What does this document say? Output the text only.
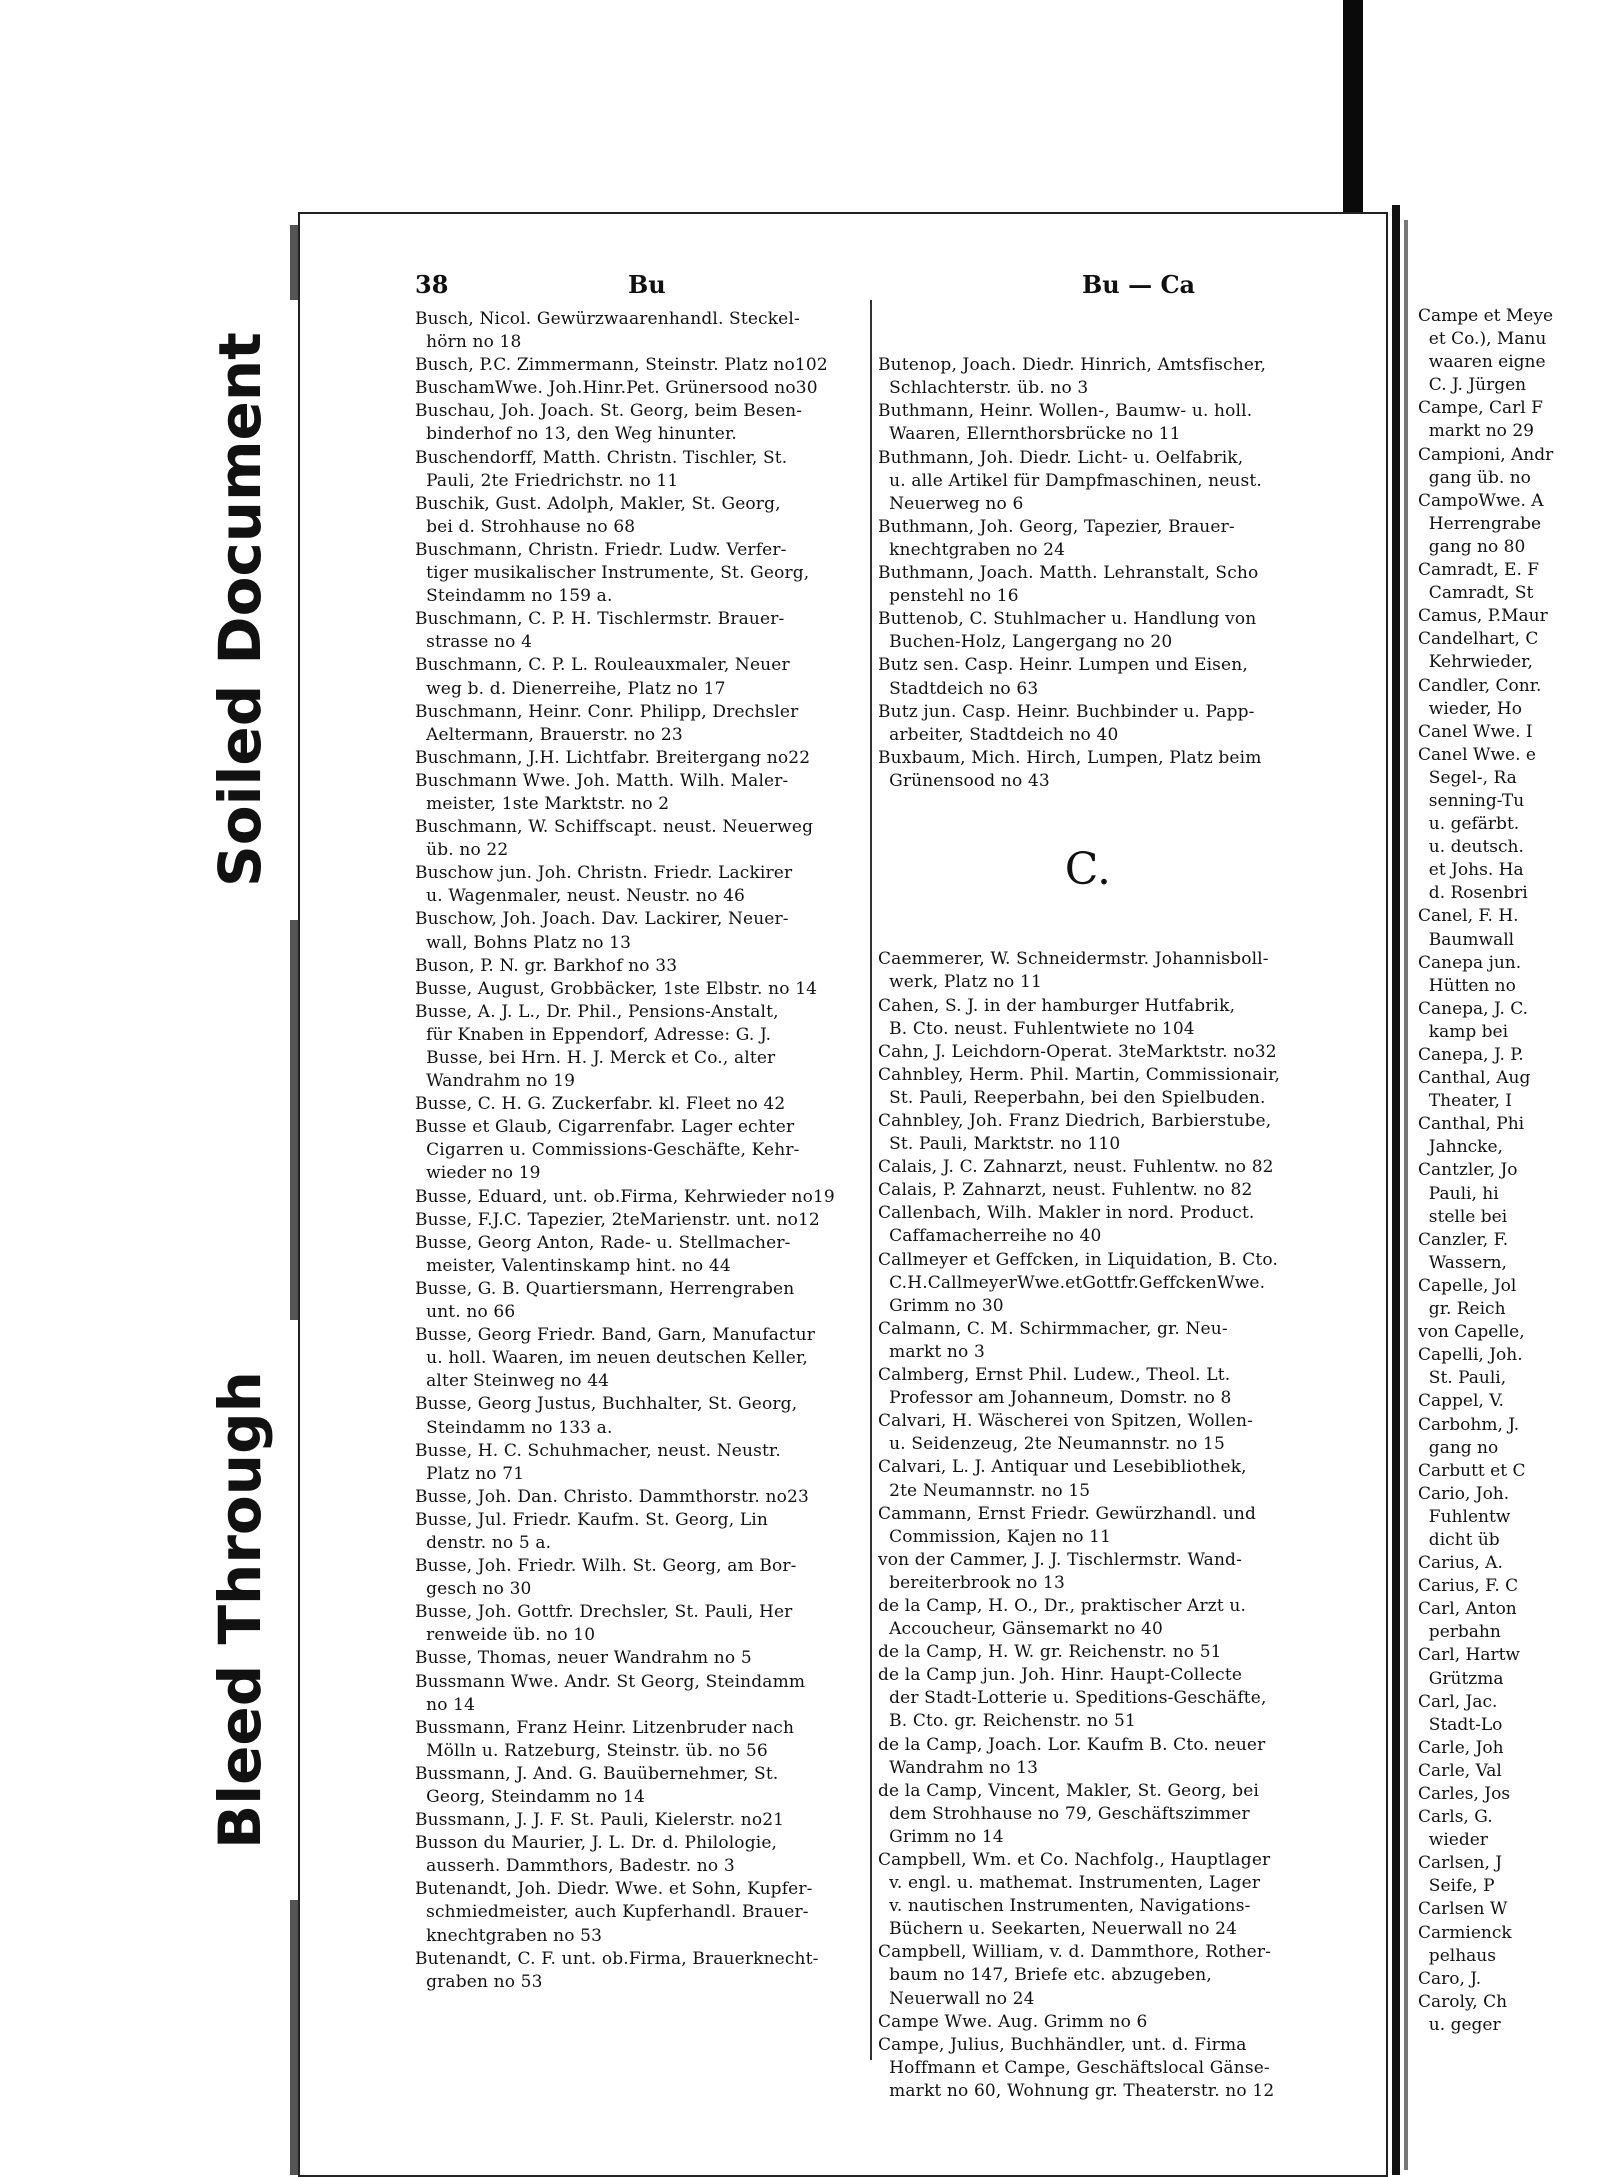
Soiled Document
Bleed Through
38	Bu	Bu — Ca
Busch, Nicol. Gewürzwaarenhandl. Steckel-
hörn no 18
Busch, P.C. Zimmermann, Steinstr. Platz no102
BuschamWwe. Joh.Hinr.Pet. Grünersood no30
Buschau, Joh. Joach. St. Georg, beim Besen-
binderhof no 13, den Weg hinunter.
Buschendorff, Matth. Christn. Tischler, St.
Pauli, 2te Friedrichstr. no 11
Buschik, Gust. Adolph, Makler, St. Georg,
bei d. Strohhause no 68
Buschmann, Christn. Friedr. Ludw. Verfer-
tiger musikalischer Instrumente, St. Georg,
Steindamm no 159 a.
Buschmann, C. P. H. Tischlermstr. Brauer-
strasse no 4
Buschmann, C. P. L. Rouleauxmaler, Neuer
weg b. d. Dienerreihe, Platz no 17
Buschmann, Heinr. Conr. Philipp, Drechsler
Aeltermann, Brauerstr. no 23
Buschmann, J.H. Lichtfabr. Breitergang no22
Buschmann Wwe. Joh. Matth. Wilh. Maler-
meister, 1ste Marktstr. no 2
Buschmann, W. Schiffscapt. neust. Neuerweg
üb. no 22
Buschow jun. Joh. Christn. Friedr. Lackirer
u. Wagenmaler, neust. Neustr. no 46
Buschow, Joh. Joach. Dav. Lackirer, Neuer-
wall, Bohns Platz no 13
Buson, P. N. gr. Barkhof no 33
Busse, August, Grobbäcker, 1ste Elbstr. no 14
Busse, A. J. L., Dr. Phil., Pensions-Anstalt,
für Knaben in Eppendorf, Adresse: G. J.
Busse, bei Hrn. H. J. Merck et Co., alter
Wandrahm no 19
Busse, C. H. G. Zuckerfabr. kl. Fleet no 42
Busse et Glaub, Cigarrenfabr. Lager echter
Cigarren u. Commissions-Geschäfte, Kehr-
wieder no 19
Busse, Eduard, unt. ob.Firma, Kehrwieder no19
Busse, F.J.C. Tapezier, 2teMarienstr. unt. no12
Busse, Georg Anton, Rade- u. Stellmacher-
meister, Valentinskamp hint. no 44
Busse, G. B. Quartiersmann, Herrengraben
unt. no 66
Busse, Georg Friedr. Band, Garn, Manufactur
u. holl. Waaren, im neuen deutschen Keller,
alter Steinweg no 44
Busse, Georg Justus, Buchhalter, St. Georg,
Steindamm no 133 a.
Busse, H. C. Schuhmacher, neust. Neustr.
Platz no 71
Busse, Joh. Dan. Christo. Dammthorstr. no23
Busse, Jul. Friedr. Kaufm. St. Georg, Lin
denstr. no 5 a.
Busse, Joh. Friedr. Wilh. St. Georg, am Bor-
gesch no 30
Busse, Joh. Gottfr. Drechsler, St. Pauli, Her
renweide üb. no 10
Busse, Thomas, neuer Wandrahm no 5
Bussmann Wwe. Andr. St Georg, Steindamm
no 14
Bussmann, Franz Heinr. Litzenbruder nach
Mölln u. Ratzeburg, Steinstr. üb. no 56
Bussmann, J. And. G. Bauübernehmer, St.
Georg, Steindamm no 14
Bussmann, J. J. F. St. Pauli, Kielerstr. no21
Busson du Maurier, J. L. Dr. d. Philologie,
ausserh. Dammthors, Badestr. no 3
Butenandt, Joh. Diedr. Wwe. et Sohn, Kupfer-
schmiedmeister, auch Kupferhandl. Brauer-
knechtgraben no 53
Butenandt, C. F. unt. ob.Firma, Brauerknecht-
graben no 53

Butenop, Joach. Diedr. Hinrich, Amtsfischer,
Schlachterstr. üb. no 3
Buthmann, Heinr. Wollen-, Baumw- u. holl.
Waaren, Ellernthorsbrücke no 11
Buthmann, Joh. Diedr. Licht- u. Oelfabrik,
u. alle Artikel für Dampfmaschinen, neust.
Neuerweg no 6
Buthmann, Joh. Georg, Tapezier, Brauer-
knechtgraben no 24
Buthmann, Joach. Matth. Lehranstalt, Scho
penstehl no 16
Buttenob, C. Stuhlmacher u. Handlung von
Buchen-Holz, Langergang no 20
Butz sen. Casp. Heinr. Lumpen und Eisen,
Stadtdeich no 63
Butz jun. Casp. Heinr. Buchbinder u. Papp-
arbeiter, Stadtdeich no 40
Buxbaum, Mich. Hirch, Lumpen, Platz beim
Grünensood no 43

C.

Caemmerer, W. Schneidermstr. Johannisboll-
werk, Platz no 11
Cahen, S. J. in der hamburger Hutfabrik,
B. Cto. neust. Fuhlentwiete no 104
Cahn, J. Leichdorn-Operat. 3teMarktstr. no32
Cahnbley, Herm. Phil. Martin, Commissionair,
St. Pauli, Reeperbahn, bei den Spielbuden.
Cahnbley, Joh. Franz Diedrich, Barbierstube,
St. Pauli, Marktstr. no 110
Calais, J. C. Zahnarzt, neust. Fuhlentw. no 82
Calais, P. Zahnarzt, neust. Fuhlentw. no 82
Callenbach, Wilh. Makler in nord. Product.
Caffamacherreihe no 40
Callmeyer et Geffcken, in Liquidation, B. Cto.
C.H.CallmeyerWwe.etGottfr.GeffckenWwe.
Grimm no 30
Calmann, C. M. Schirmmacher, gr. Neu-
markt no 3
Calmberg, Ernst Phil. Ludew., Theol. Lt.
Professor am Johanneum, Domstr. no 8
Calvari, H. Wäscherei von Spitzen, Wollen-
u. Seidenzeug, 2te Neumannstr. no 15
Calvari, L. J. Antiquar und Lesebibliothek,
2te Neumannstr. no 15
Cammann, Ernst Friedr. Gewürzhandl. und
Commission, Kajen no 11
von der Cammer, J. J. Tischlermstr. Wand-
bereiterbrook no 13
de la Camp, H. O., Dr., praktischer Arzt u.
Accoucheur, Gänsemarkt no 40
de la Camp, H. W. gr. Reichenstr. no 51
de la Camp jun. Joh. Hinr. Haupt-Collecte
der Stadt-Lotterie u. Speditions-Geschäfte,
B. Cto. gr. Reichenstr. no 51
de la Camp, Joach. Lor. Kaufm B. Cto. neuer
Wandrahm no 13
de la Camp, Vincent, Makler, St. Georg, bei
dem Strohhause no 79, Geschäftszimmer
Grimm no 14
Campbell, Wm. et Co. Nachfolg., Hauptlager
v. engl. u. mathemat. Instrumenten, Lager
v. nautischen Instrumenten, Navigations-
Büchern u. Seekarten, Neuerwall no 24
Campbell, William, v. d. Dammthore, Rother-
baum no 147, Briefe etc. abzugeben,
Neuerwall no 24
Campe Wwe. Aug. Grimm no 6
Campe, Julius, Buchhändler, unt. d. Firma
Hoffmann et Campe, Geschäftslocal Gänse-
markt no 60, Wohnung gr. Theaterstr. no 12

Campe et Meye
et Co.), Manu
waaren eigne
C. J. Jürgen
Campe, Carl F
markt no 29
Campioni, Andr
gang üb. no
CampoWwe. A
Herrengrabe
gang no 80
Camradt, E. F
Camradt, St
Camus, P.Maur
Candelhart, C
Kehrwieder,
Candler, Conr.
wieder, Ho
Canel Wwe. I
Canel Wwe. e
Segel-, Ra
senning-Tu
u. gefärbt.
u. deutsch.
et Johs. Ha
d. Rosenbri
Canel, F. H.
Baumwall
Canepa jun.
Hütten no
Canepa, J. C.
kamp bei
Canepa, J. P.
Canthal, Aug
Theater, I
Canthal, Phi
Jahncke,
Cantzler, Jo
Pauli, hi
stelle bei
Canzler, F.
Wassern,
Capelle, Jol
gr. Reich
von Capelle,
Capelli, Joh.
St. Pauli,
Cappel, V.
Carbohm, J.
gang no
Carbutt et C
Cario, Joh.
Fuhlentw
dicht üb
Carius, A.
Carius, F. C
Carl, Anton
perbahn
Carl, Hartw
Grützma
Carl, Jac.
Stadt-Lo
Carle, Joh
Carle, Val
Carles, Jos
Carls, G.
wieder
Carlsen, J
Seife, P
Carlsen W
Carmienck
pelhaus
Caro, J.
Caroly, Ch
u. geger
